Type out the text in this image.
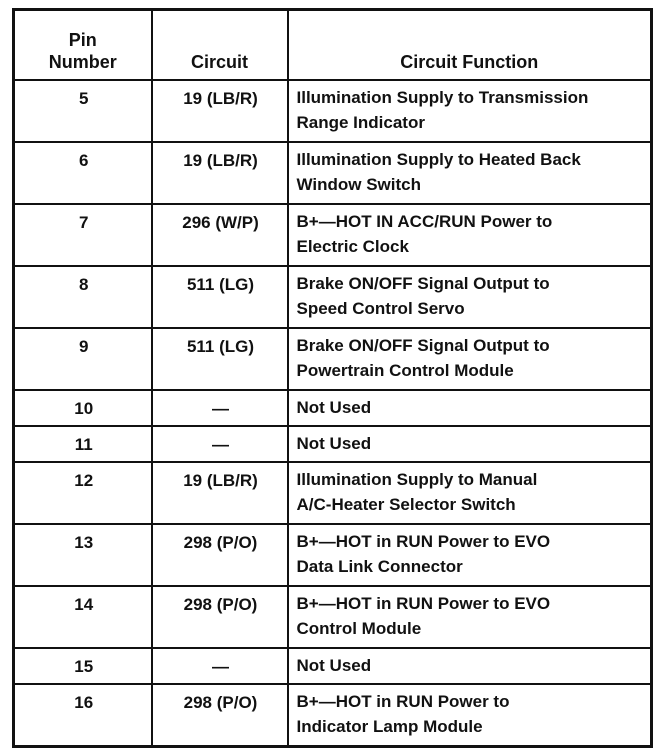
Pin
Number	Circuit	Circuit Function
5	19 (LB/R)	Illumination Supply to Transmission
Range Indicator

6	19 (LB/R)	Illumination Supply to Heated Back
Window Switch

7	296 (W/P)	B+—HOT IN ACC/RUN Power to
Electric Clock

8	511 (LG)	Brake ON/OFF Signal Output to
Speed Control Servo

9	511 (LG)	Brake ON/OFF Signal Output to
Powertrain Control Module

10	—	Not Used

11	—	Not Used

12	19 (LB/R)	Illumination Supply to Manual
A/C-Heater Selector Switch

13	298 (P/O)	B+—HOT in RUN Power to EVO
Data Link Connector

14	298 (P/O)	B+—HOT in RUN Power to EVO
Control Module

15	—	Not Used

16	298 (P/O)	B+—HOT in RUN Power to
Indicator Lamp Module
